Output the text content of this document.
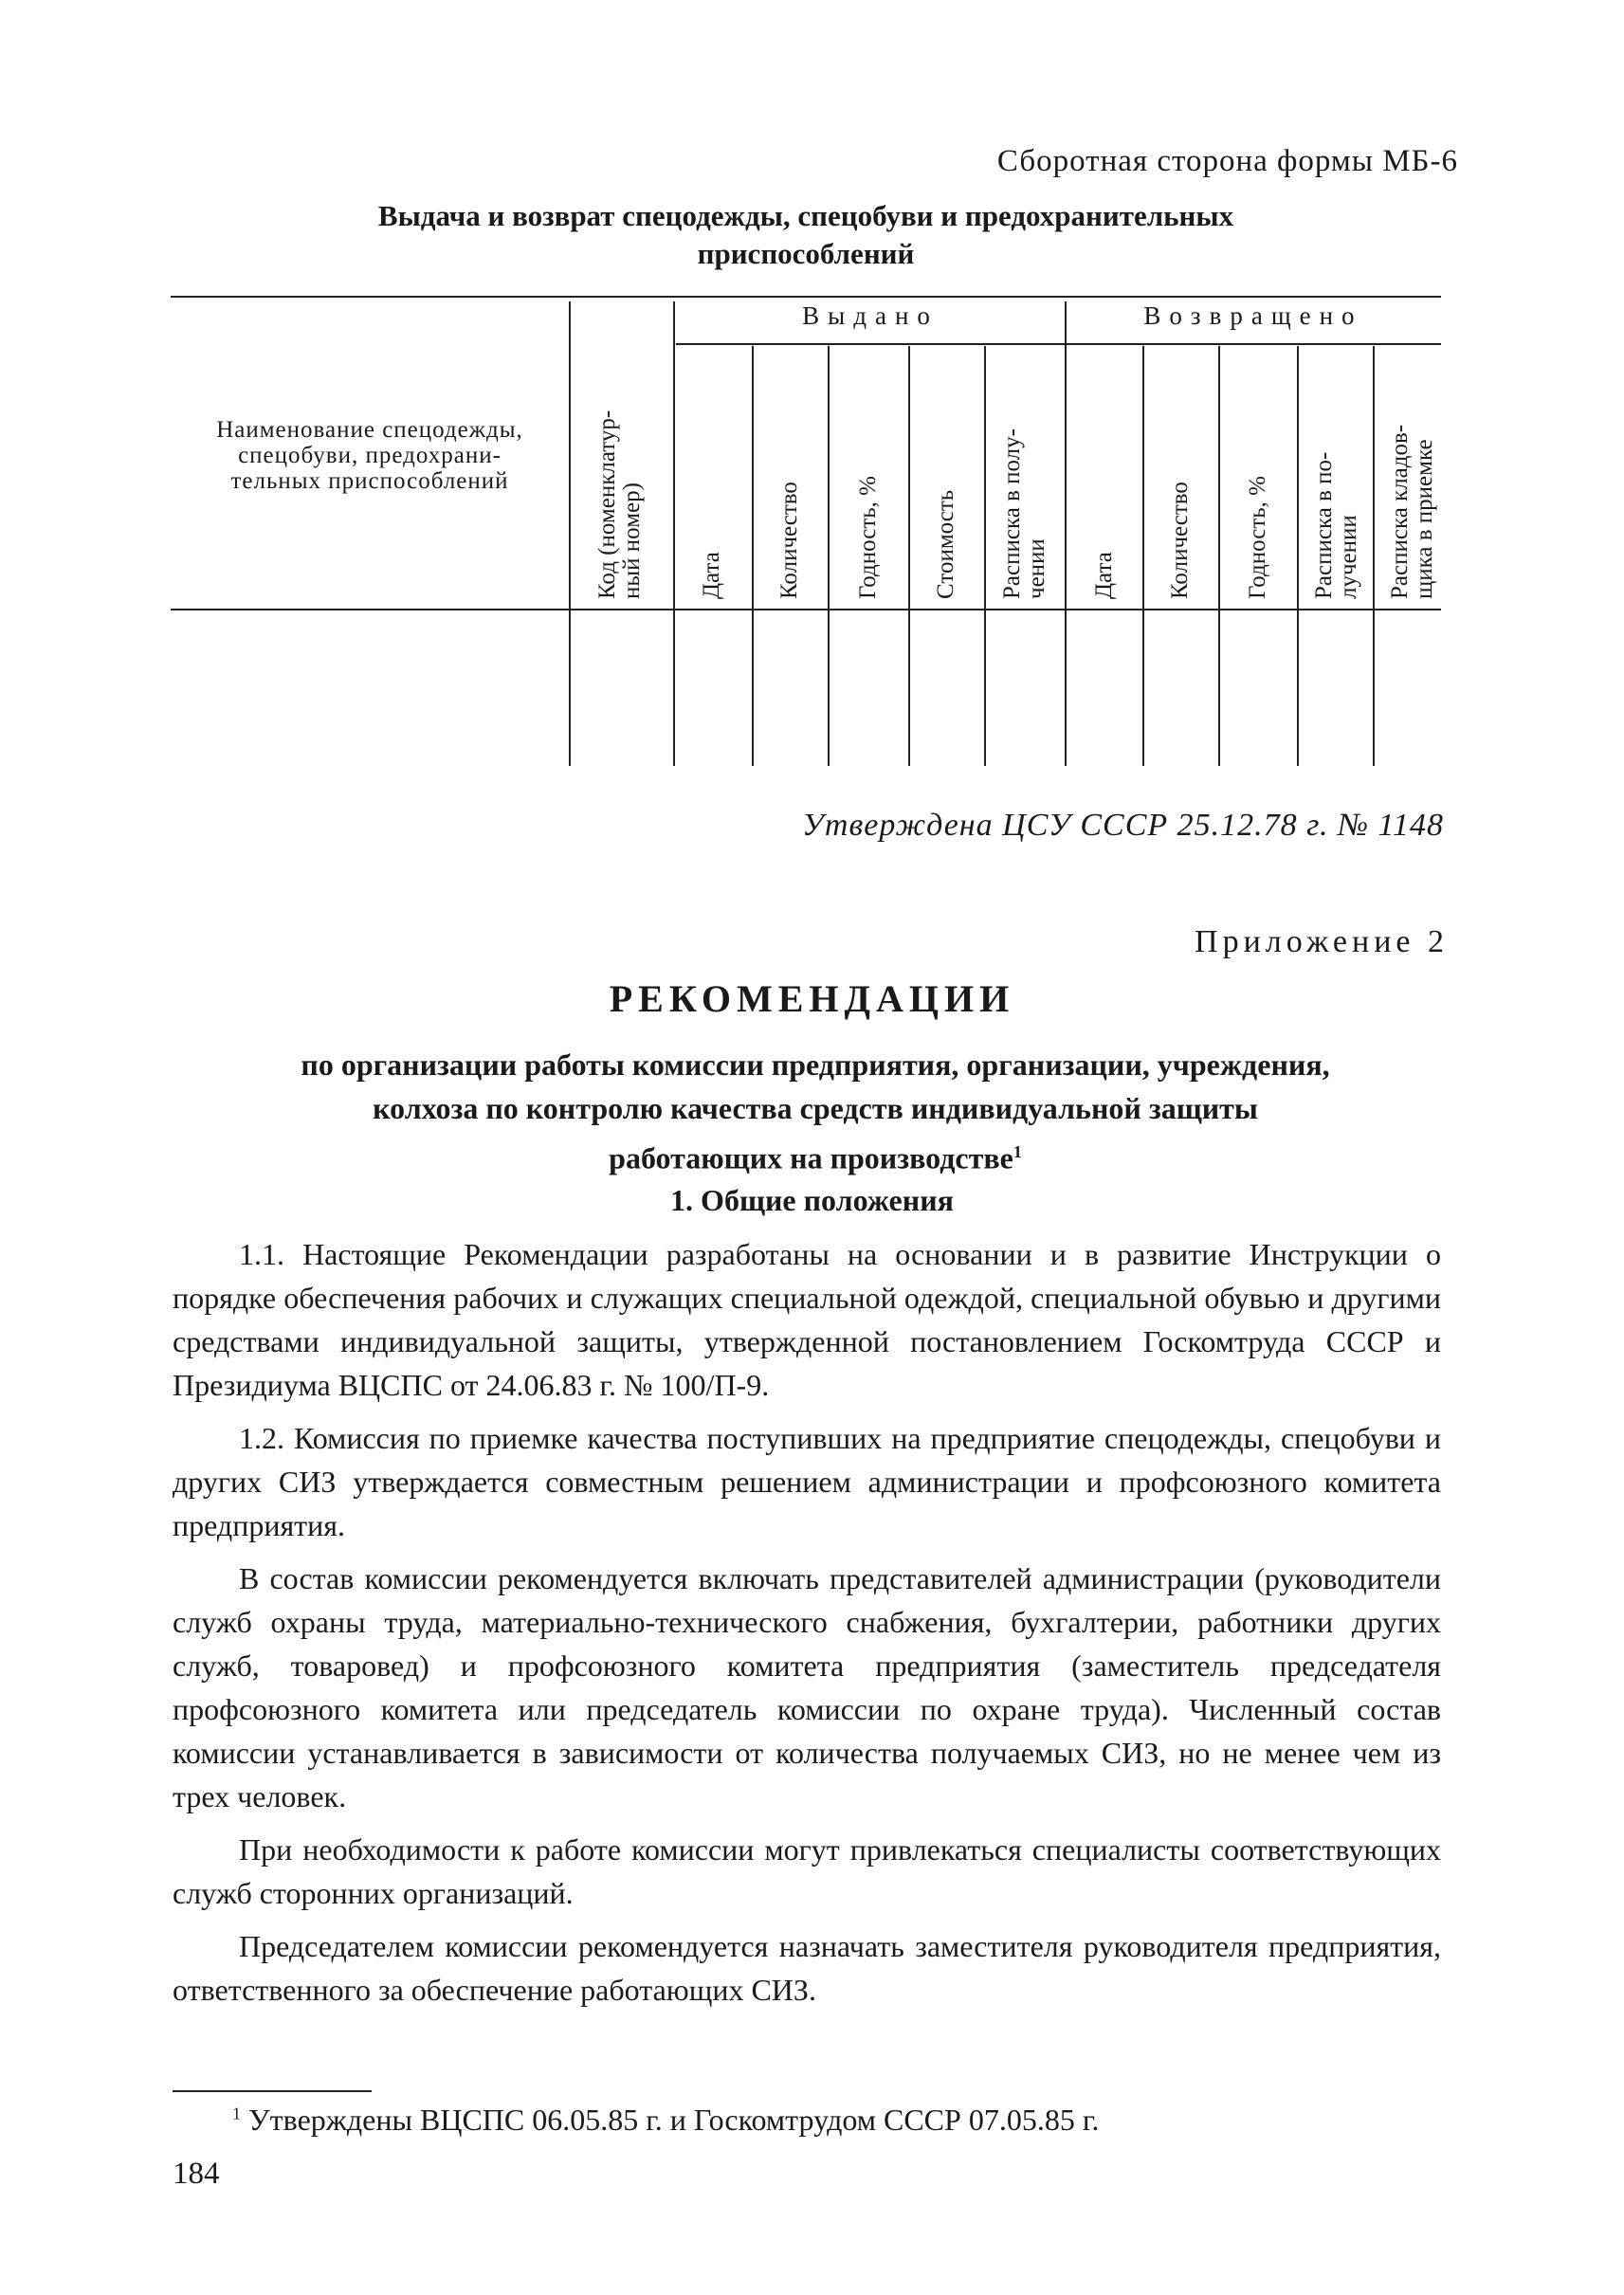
Сборотная сторона формы МБ-6
Выдача и возврат спецодежды, спецобуви и предохранительных
приспособлений
Наименование спецодежды,
спецобуви, предохрани-
тельных приспособлений	Код (номенклатур- ный номер)
Выдано	Возвращено
Дата Количество Годность, % Стоимость Расписка в полу- чении Дата Количество Годность, % Расписка в по- лучении Расписка кладов- щика в приемке
Утверждена ЦСУ СССР 25.12.78 г. № 1148
Приложение 2
РЕКОМЕНДАЦИИ
по организации работы комиссии предприятия, организации, учреждения,
колхоза по контролю качества средств индивидуальной защиты
работающих на производстве$^1$
1. Общие положения

1.1. Настоящие Рекомендации разработаны на основании и в развитие Инструкции о порядке обеспечения рабочих и служащих специальной одеждой, специальной обувью и другими средствами индивидуальной защиты, утвержденной постановлением Госкомтруда СССР и Президиума ВЦСПС от 24.06.83 г. № 100/П-9.

1.2. Комиссия по приемке качества поступивших на предприятие спецодежды, спецобуви и других СИЗ утверждается совместным решением администрации и профсоюзного комитета предприятия.

В состав комиссии рекомендуется включать представителей администрации (руководители служб охраны труда, материально-технического снабжения, бухгалтерии, работники других служб, товаровед) и профсоюзного комитета предприятия (заместитель председателя профсоюзного комитета или председатель комиссии по охране труда). Численный состав комиссии устанавливается в зависимости от количества получаемых СИЗ, но не менее чем из трех человек.

При необходимости к работе комиссии могут привлекаться специалисты соответствующих служб сторонних организаций.

Председателем комиссии рекомендуется назначать заместителя руководителя предприятия, ответственного за обеспечение работающих СИЗ.

$^1$ Утверждены ВЦСПС 06.05.85 г. и Госкомтрудом СССР 07.05.85 г.
184
